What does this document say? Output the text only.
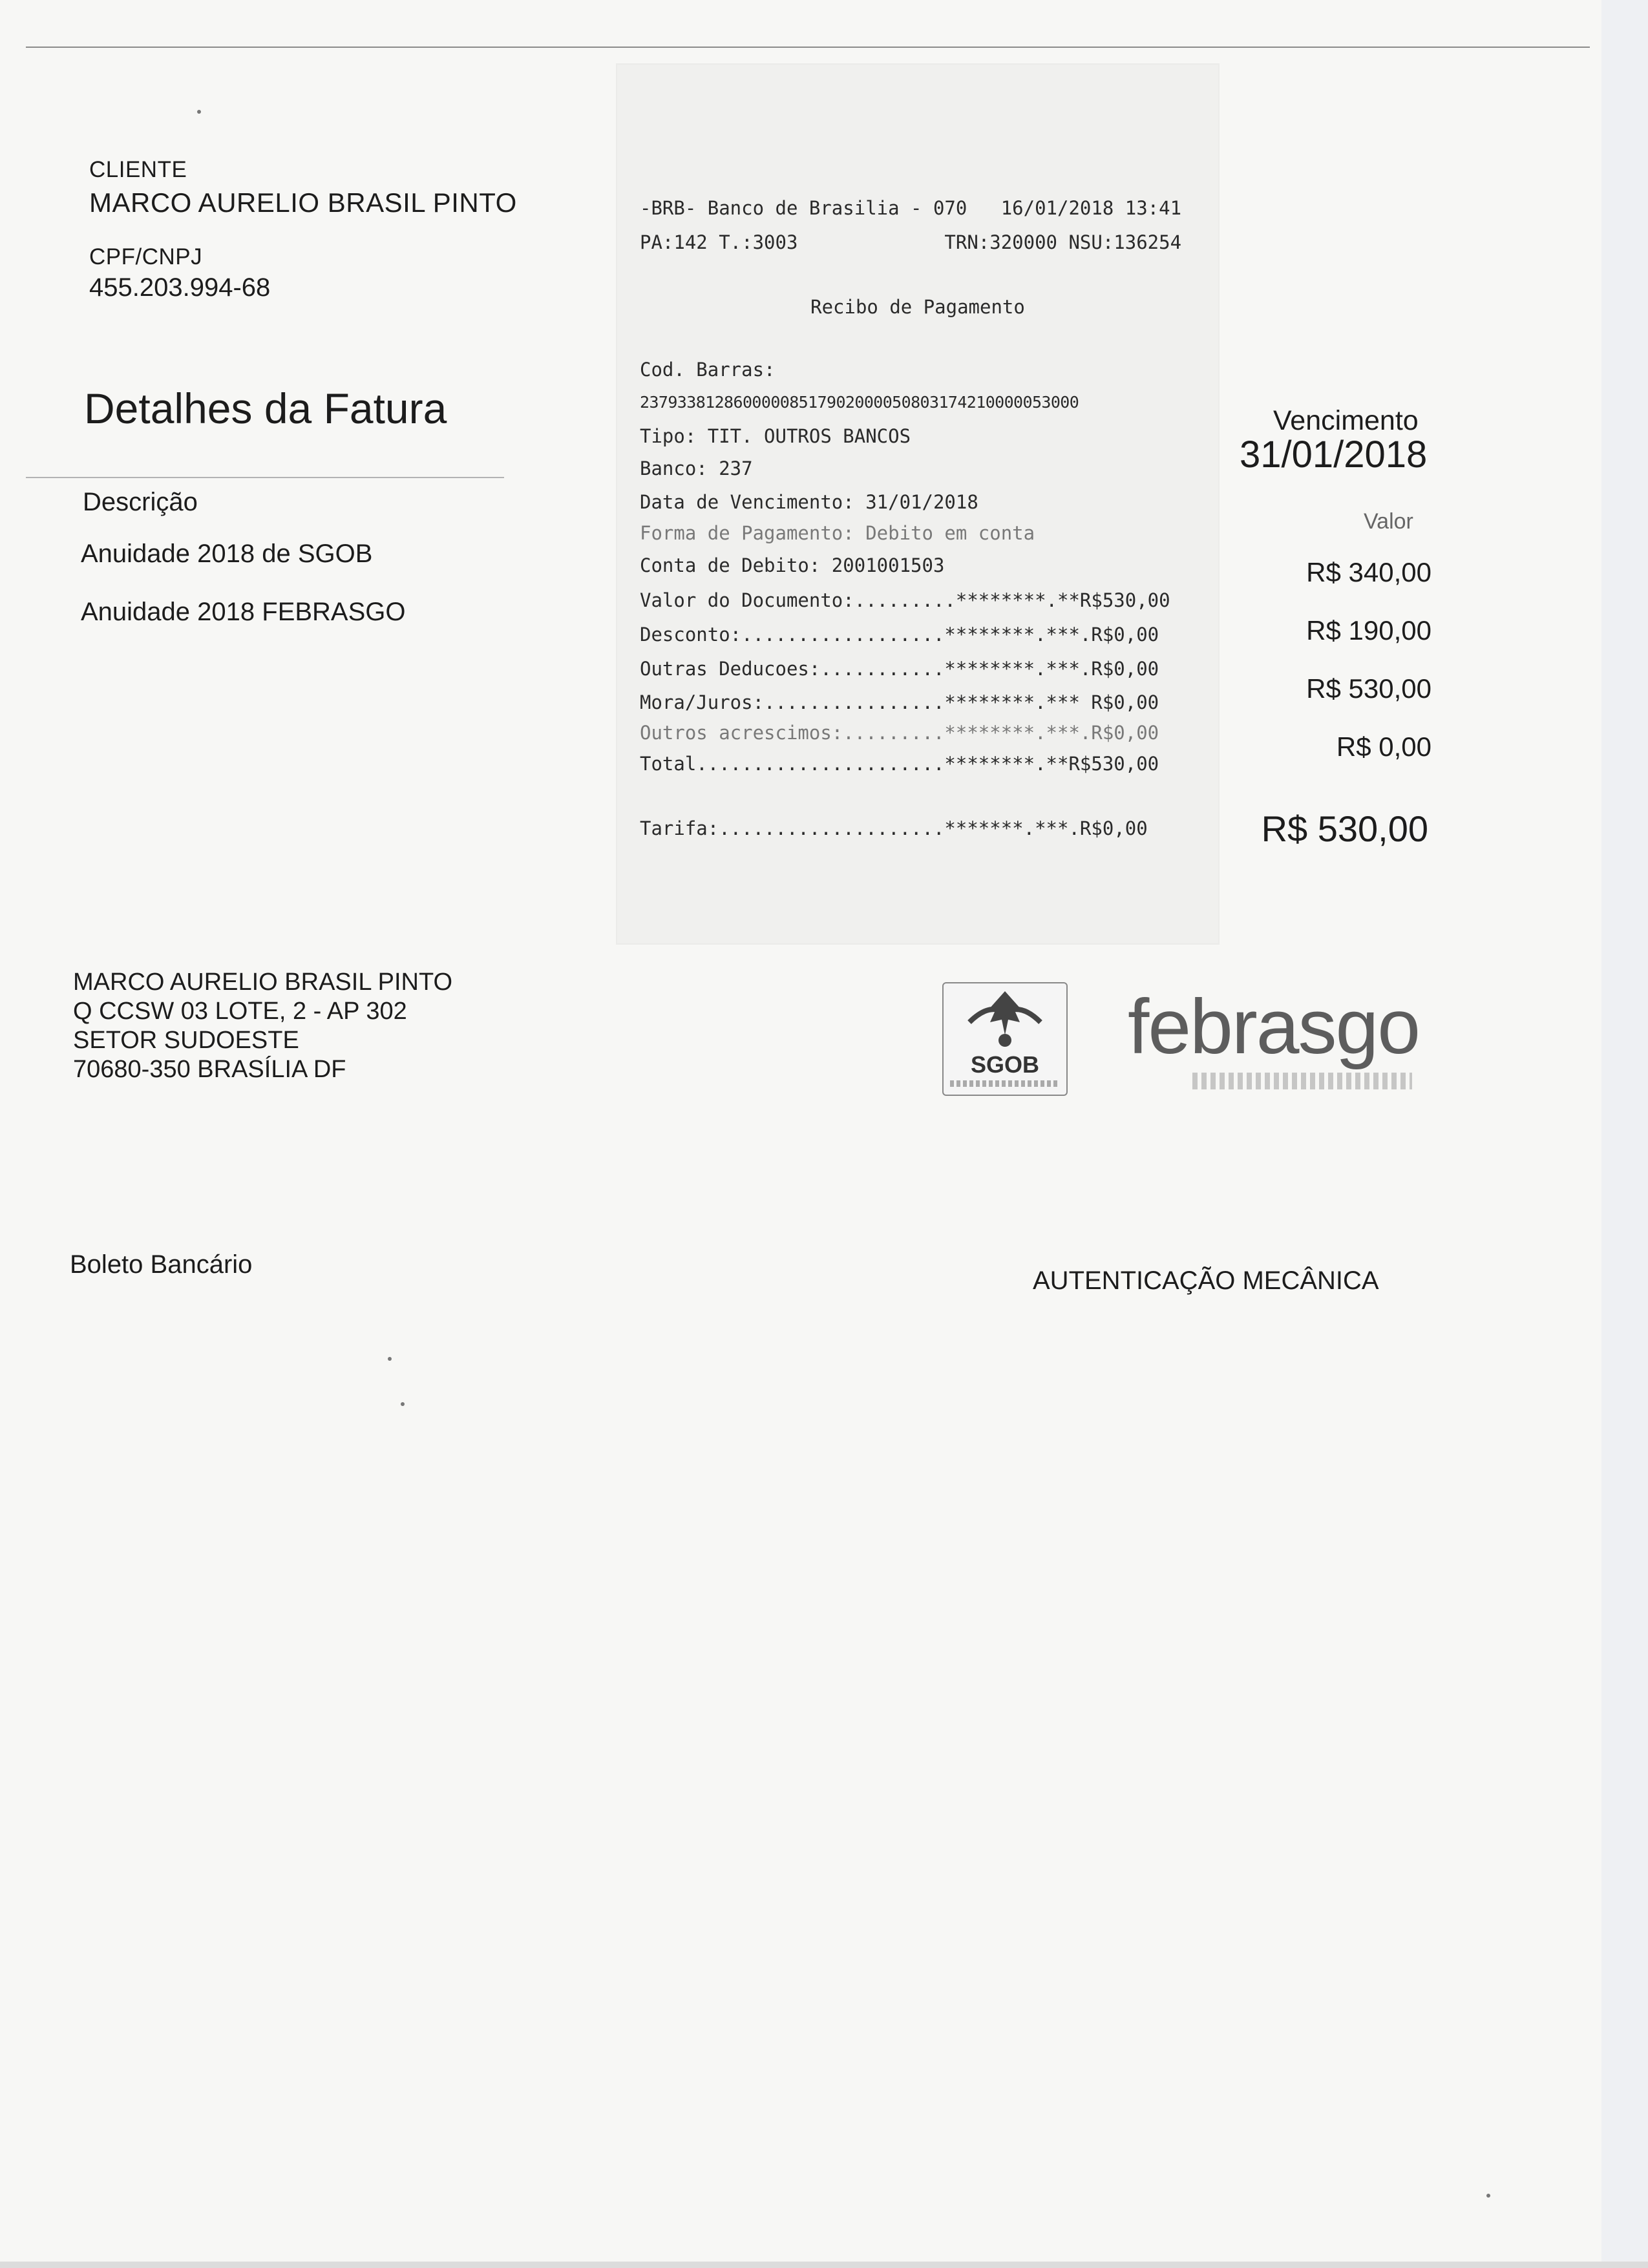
CLIENTE
MARCO AURELIO BRASIL PINTO
CPF/CNPJ
455.203.994-68
Detalhes da Fatura
Descrição
Anuidade 2018 de SGOB
Anuidade 2018 FEBRASGO
Vencimento
31/01/2018
Valor
R$ 340,00
R$ 190,00
R$ 530,00
R$ 0,00
R$ 530,00
-BRB- Banco de Brasilia - 070   16/01/2018 13:41
PA:142 T.:3003             TRN:320000 NSU:136254
Recibo de Pagamento
Cod. Barras:
23793381286000008517902000050803174210000053000
Tipo: TIT. OUTROS BANCOS
Banco: 237
Data de Vencimento: 31/01/2018
Forma de Pagamento: Debito em conta
Conta de Debito: 2001001503
Valor do Documento:.........********.**R$530,00
Desconto:..................********.***.R$0,00
Outras Deducoes:...........********.***.R$0,00
Mora/Juros:................********.*** R$0,00
Outros acrescimos:.........********.***.R$0,00
Total......................********.**R$530,00
Tarifa:....................*******.***.R$0,00
MARCO AURELIO BRASIL PINTO
Q CCSW 03 LOTE, 2 - AP 302
SETOR SUDOESTE
70680-350 BRASÍLIA DF	SGOB	febrasgo
Boleto Bancário
AUTENTICAÇÃO MECÂNICA
